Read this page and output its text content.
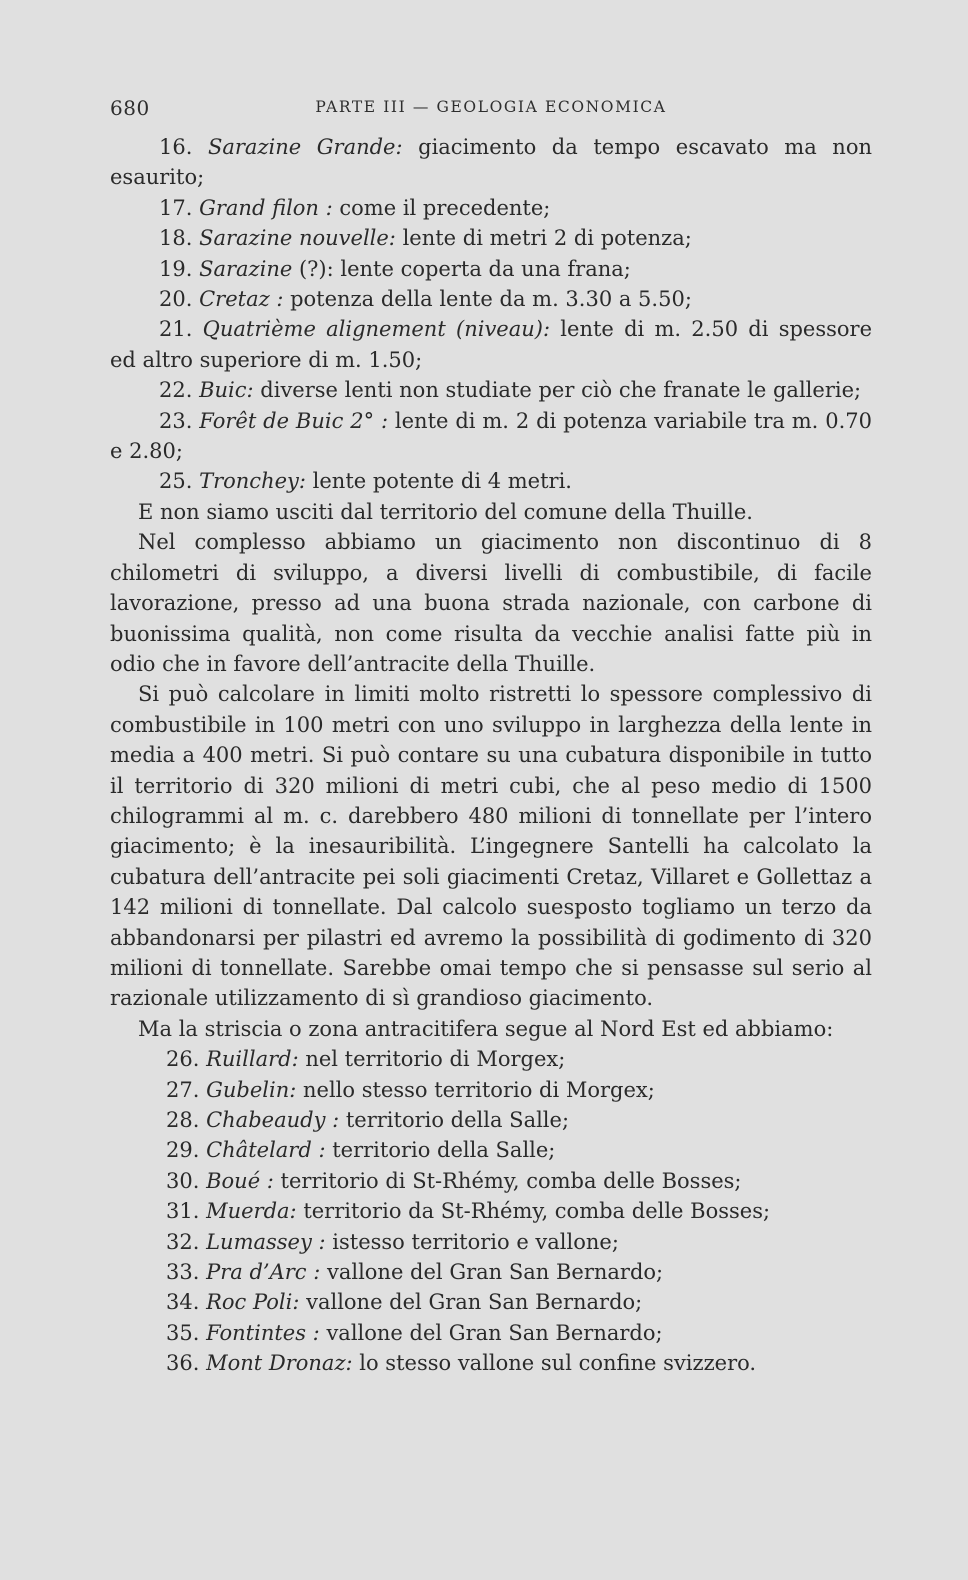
680	PARTE III — GEOLOGIA ECONOMICA

16. Sarazine Grande: giacimento da tempo escavato ma non esaurito;

17. Grand filon : come il precedente;

18. Sarazine nouvelle: lente di metri 2 di potenza;

19. Sarazine (?): lente coperta da una frana;

20. Cretaz : potenza della lente da m. 3.30 a 5.50;

21. Quatrième alignement (niveau): lente di m. 2.50 di spessore ed altro superiore di m. 1.50;

22. Buic: diverse lenti non studiate per ciò che franate le gallerie;

23. Forêt de Buic 2° : lente di m. 2 di potenza variabile tra m. 0.70 e 2.80;

25. Tronchey: lente potente di 4 metri.

E non siamo usciti dal territorio del comune della Thuille.

Nel complesso abbiamo un giacimento non discontinuo di 8 chilometri di sviluppo, a diversi livelli di combustibile, di facile lavorazione, presso ad una buona strada nazionale, con carbone di buonissima qualità, non come risulta da vecchie analisi fatte più in odio che in favore dell’antracite della Thuille.

Si può calcolare in limiti molto ristretti lo spessore complessivo di combustibile in 100 metri con uno sviluppo in larghezza della lente in media a 400 metri. Si può contare su una cubatura disponibile in tutto il territorio di 320 milioni di metri cubi, che al peso medio di 1500 chilogrammi al m. c. darebbero 480 milioni di tonnellate per l’intero giacimento; è la inesauribilità. L’ingegnere Santelli ha calcolato la cubatura dell’antracite pei soli giacimenti Cretaz, Villaret e Gollettaz a 142 milioni di tonnellate. Dal calcolo suesposto togliamo un terzo da abbandonarsi per pilastri ed avremo la possibilità di godimento di 320 milioni di tonnellate. Sarebbe omai tempo che si pensasse sul serio al razionale utilizzamento di sì grandioso giacimento.

Ma la striscia o zona antracitifera segue al Nord Est ed abbiamo:

26. Ruillard: nel territorio di Morgex;

27. Gubelin: nello stesso territorio di Morgex;

28. Chabeaudy : territorio della Salle;

29. Châtelard : territorio della Salle;

30. Boué : territorio di St-Rhémy, comba delle Bosses;

31. Muerda: territorio da St-Rhémy, comba delle Bosses;

32. Lumassey : istesso territorio e vallone;

33. Pra d’Arc : vallone del Gran San Bernardo;

34. Roc Poli: vallone del Gran San Bernardo;

35. Fontintes : vallone del Gran San Bernardo;

36. Mont Dronaz: lo stesso vallone sul confine svizzero.
